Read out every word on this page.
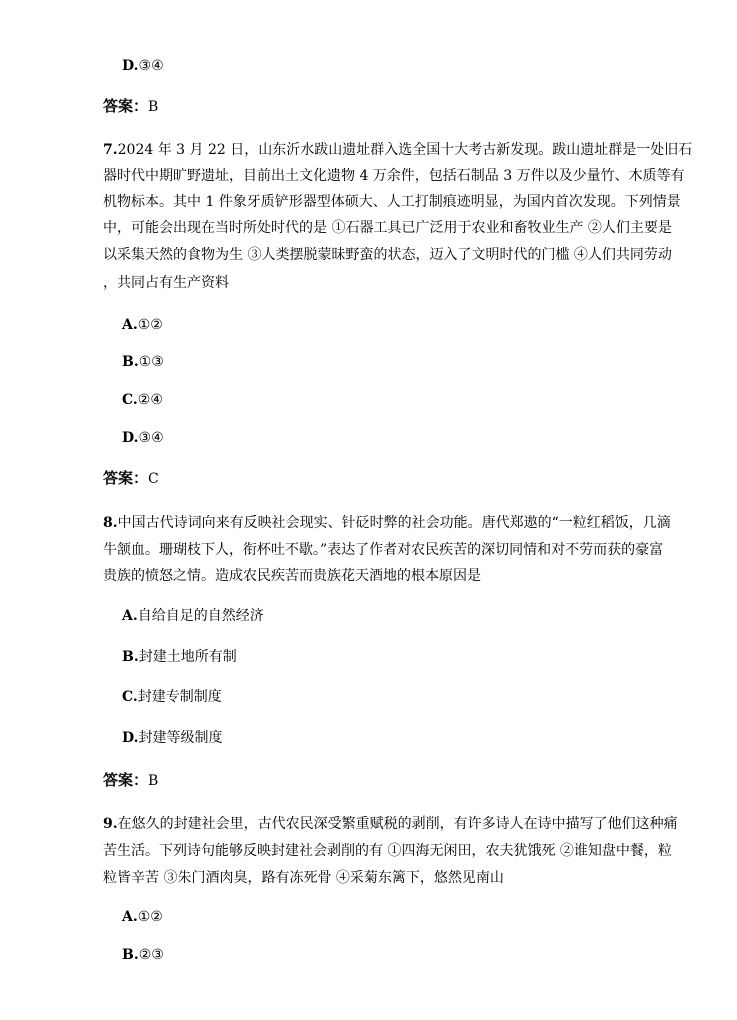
D.③④
答案：B
7.2024 年 3 月 22 日，山东沂水跋山遗址群入选全国十大考古新发现。跋山遗址群是一处旧石
器时代中期旷野遗址，目前出土文化遗物 4 万余件，包括石制品 3 万件以及少量竹、木质等有
机物标本。其中 1 件象牙质铲形器型体硕大、人工打制痕迹明显，为国内首次发现。下列情景
中，可能会出现在当时所处时代的是 ①石器工具已广泛用于农业和畜牧业生产 ②人们主要是
以采集天然的食物为生 ③人类摆脱蒙昧野蛮的状态，迈入了文明时代的门槛 ④人们共同劳动
，共同占有生产资料
A.①②
B.①③
C.②④
D.③④
答案：C
8.中国古代诗词向来有反映社会现实、针砭时弊的社会功能。唐代郑遨的“一粒红稻饭，几滴
牛颔血。珊瑚枝下人，衔杯吐不歇。”表达了作者对农民疾苦的深切同情和对不劳而获的豪富
贵族的愤怒之情。造成农民疾苦而贵族花天酒地的根本原因是
A.自给自足的自然经济
B.封建土地所有制
C.封建专制制度
D.封建等级制度
答案：B
9.在悠久的封建社会里，古代农民深受繁重赋税的剥削，有许多诗人在诗中描写了他们这种痛
苦生活。下列诗句能够反映封建社会剥削的有 ①四海无闲田，农夫犹饿死 ②谁知盘中餐，粒
粒皆辛苦 ③朱门酒肉臭，路有冻死骨 ④采菊东篱下，悠然见南山
A.①②
B.②③
